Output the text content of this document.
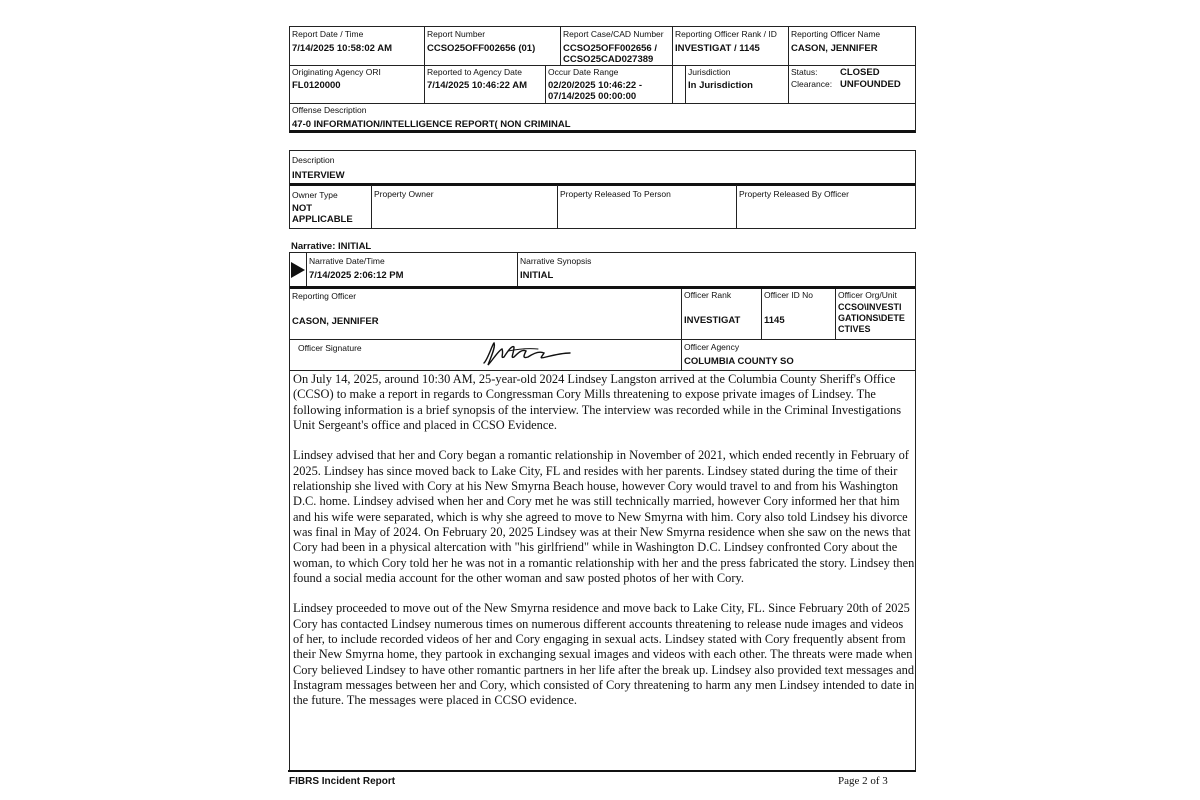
Report Date / Time
7/14/2025 10:58:02 AM
Report Number
CCSO25OFF002656 (01)
Report Case/CAD Number
CCSO25OFF002656 /
CCSO25CAD027389
Reporting Officer Rank / ID
INVESTIGAT / 1145
Reporting Officer Name
CASON, JENNIFER
Originating Agency ORI
FL0120000
Reported to Agency Date
7/14/2025 10:46:22 AM
Occur Date Range
02/20/2025 10:46:22 -
07/14/2025 00:00:00
Jurisdiction
In Jurisdiction
Status:	CLOSED
Clearance: UNFOUNDED
Offense Description
47-0 INFORMATION/INTELLIGENCE REPORT( NON CRIMINAL
Description
INTERVIEW
Owner Type
NOT
APPLICABLE
Property Owner	Property Released To Person	Property Released By Officer
Narrative: INITIAL
Narrative Date/Time
7/14/2025 2:06:12 PM
Narrative Synopsis
INITIAL
Reporting Officer
CASON, JENNIFER
Officer Rank
INVESTIGAT
Officer ID No
1145
Officer Org/Unit
CCSO\INVESTI
GATIONS\DETE
CTIVES
Officer Signature	Officer Agency
COLUMBIA COUNTY SO

On July 14, 2025, around 10:30 AM, 25-year-old 2024 Lindsey Langston arrived at the Columbia County Sheriff's Office (CCSO) to make a report in regards to Congressman Cory Mills threatening to expose private images of Lindsey. The following information is a brief synopsis of the interview. The interview was recorded while in the Criminal Investigations Unit Sergeant's office and placed in CCSO Evidence.

Lindsey advised that her and Cory began a romantic relationship in November of 2021, which ended recently in February of 2025. Lindsey has since moved back to Lake City, FL and resides with her parents. Lindsey stated during the time of their relationship she lived with Cory at his New Smyrna Beach house, however Cory would travel to and from his Washington D.C. home. Lindsey advised when her and Cory met he was still technically married, however Cory informed her that him and his wife were separated, which is why she agreed to move to New Smyrna with him. Cory also told Lindsey his divorce was final in May of 2024. On February 20, 2025 Lindsey was at their New Smyrna residence when she saw on the news that Cory had been in a physical altercation with "his girlfriend" while in Washington D.C. Lindsey confronted Cory about the woman, to which Cory told her he was not in a romantic relationship with her and the press fabricated the story. Lindsey then found a social media account for the other woman and saw posted photos of her with Cory.

Lindsey proceeded to move out of the New Smyrna residence and move back to Lake City, FL. Since February 20th of 2025 Cory has contacted Lindsey numerous times on numerous different accounts threatening to release nude images and videos of her, to include recorded videos of her and Cory engaging in sexual acts. Lindsey stated with Cory frequently absent from their New Smyrna home, they partook in exchanging sexual images and videos with each other. The threats were made when Cory believed Lindsey to have other romantic partners in her life after the break up. Lindsey also provided text messages and Instagram messages between her and Cory, which consisted of Cory threatening to harm any men Lindsey intended to date in the future. The messages were placed in CCSO evidence.

FIBRS Incident Report	Page 2 of 3
